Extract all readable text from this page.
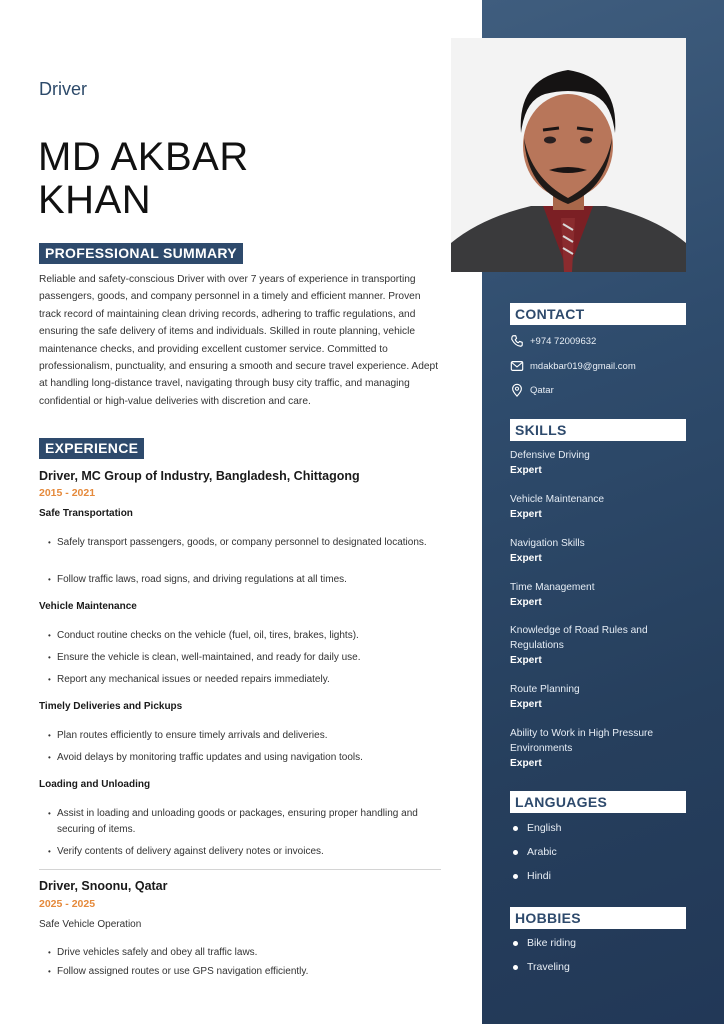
Driver
MD AKBAR
KHAN
PROFESSIONAL SUMMARY
Reliable and safety-conscious Driver with over 7 years of experience in transporting passengers, goods, and company personnel in a timely and efficient manner. Proven track record of maintaining clean driving records, adhering to traffic regulations, and ensuring the safe delivery of items and individuals. Skilled in route planning, vehicle maintenance checks, and providing excellent customer service. Committed to professionalism, punctuality, and ensuring a smooth and secure travel experience. Adept at handling long-distance travel, navigating through busy city traffic, and managing confidential or high-value deliveries with discretion and care.
EXPERIENCE
Driver, MC Group of Industry, Bangladesh, Chittagong
2015 - 2021
Safe Transportation
• Safely transport passengers, goods, or company personnel to designated locations.
• Follow traffic laws, road signs, and driving regulations at all times.
Vehicle Maintenance
• Conduct routine checks on the vehicle (fuel, oil, tires, brakes, lights).
• Ensure the vehicle is clean, well-maintained, and ready for daily use.
• Report any mechanical issues or needed repairs immediately.
Timely Deliveries and Pickups
• Plan routes efficiently to ensure timely arrivals and deliveries.
• Avoid delays by monitoring traffic updates and using navigation tools.
Loading and Unloading
• Assist in loading and unloading goods or packages, ensuring proper handling and securing of items.
• Verify contents of delivery against delivery notes or invoices.
Driver, Snoonu, Qatar
2025 - 2025
Safe Vehicle Operation
• Drive vehicles safely and obey all traffic laws.
• Follow assigned routes or use GPS navigation efficiently.
CONTACT
+974 72009632
mdakbar019@gmail.com
Qatar
SKILLS
Defensive Driving
Expert
Vehicle Maintenance
Expert
Navigation Skills
Expert
Time Management
Expert
Knowledge of Road Rules and Regulations
Expert
Route Planning
Expert
Ability to Work in High Pressure Environments
Expert
LANGUAGES
English
Arabic
Hindi
HOBBIES
Bike riding
Traveling
